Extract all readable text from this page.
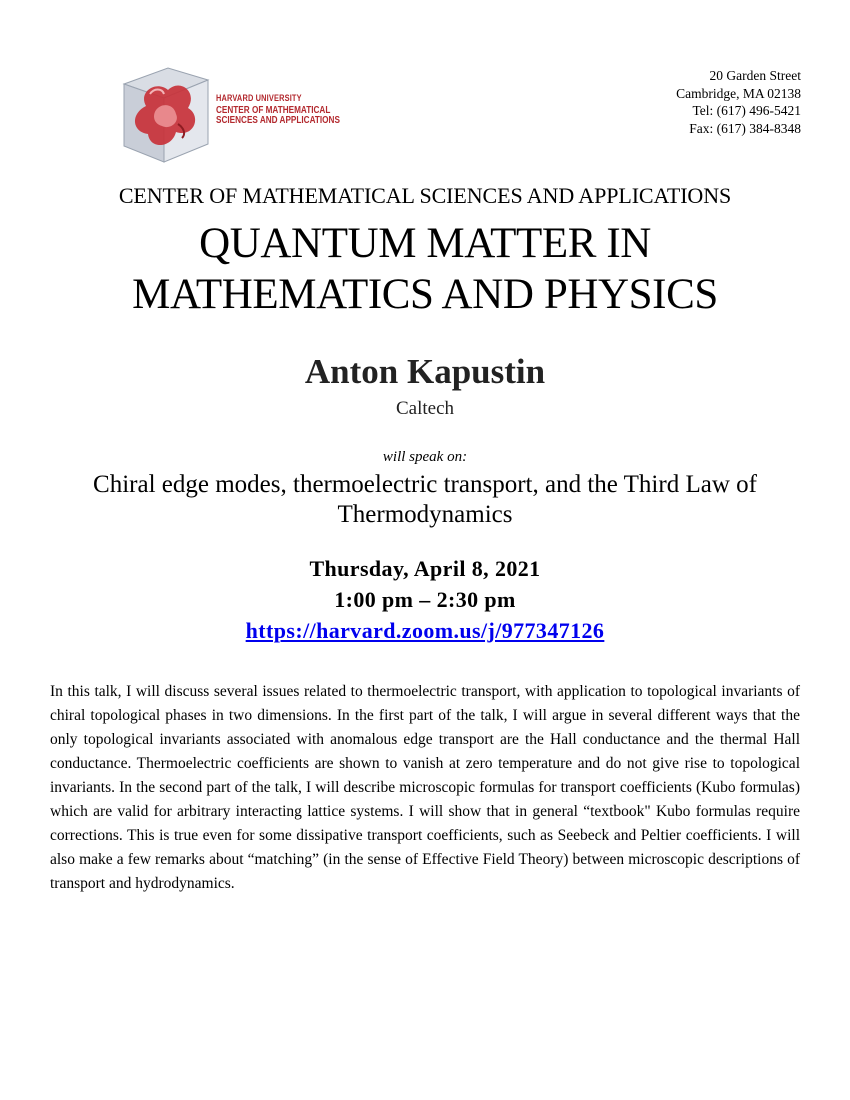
HARVARD UNIVERSITY
CENTER OF MATHEMATICAL
SCIENCES AND APPLICATIONS
20 Garden Street
Cambridge, MA 02138
Tel: (617) 496-5421
Fax: (617) 384-8348
CENTER OF MATHEMATICAL SCIENCES AND APPLICATIONS
QUANTUM MATTER IN
MATHEMATICS AND PHYSICS
Anton Kapustin
Caltech
will speak on:
Chiral edge modes, thermoelectric transport, and the Third Law of
Thermodynamics
Thursday, April 8, 2021
1:00 pm – 2:30 pm
https://harvard.zoom.us/j/977347126
In this talk, I will discuss several issues related to thermoelectric transport, with application to topological invariants of chiral topological phases in two dimensions. In the first part of the talk, I will argue in several different ways that the only topological invariants associated with anomalous edge transport are the Hall conductance and the thermal Hall conductance. Thermoelectric coefficients are shown to vanish at zero temperature and do not give rise to topological invariants. In the second part of the talk, I will describe microscopic formulas for transport coefficients (Kubo formulas) which are valid for arbitrary interacting lattice systems. I will show that in general “textbook" Kubo formulas require corrections. This is true even for some dissipative transport coefficients, such as Seebeck and Peltier coefficients. I will also make a few remarks about “matching” (in the sense of Effective Field Theory) between microscopic descriptions of transport and hydrodynamics.
